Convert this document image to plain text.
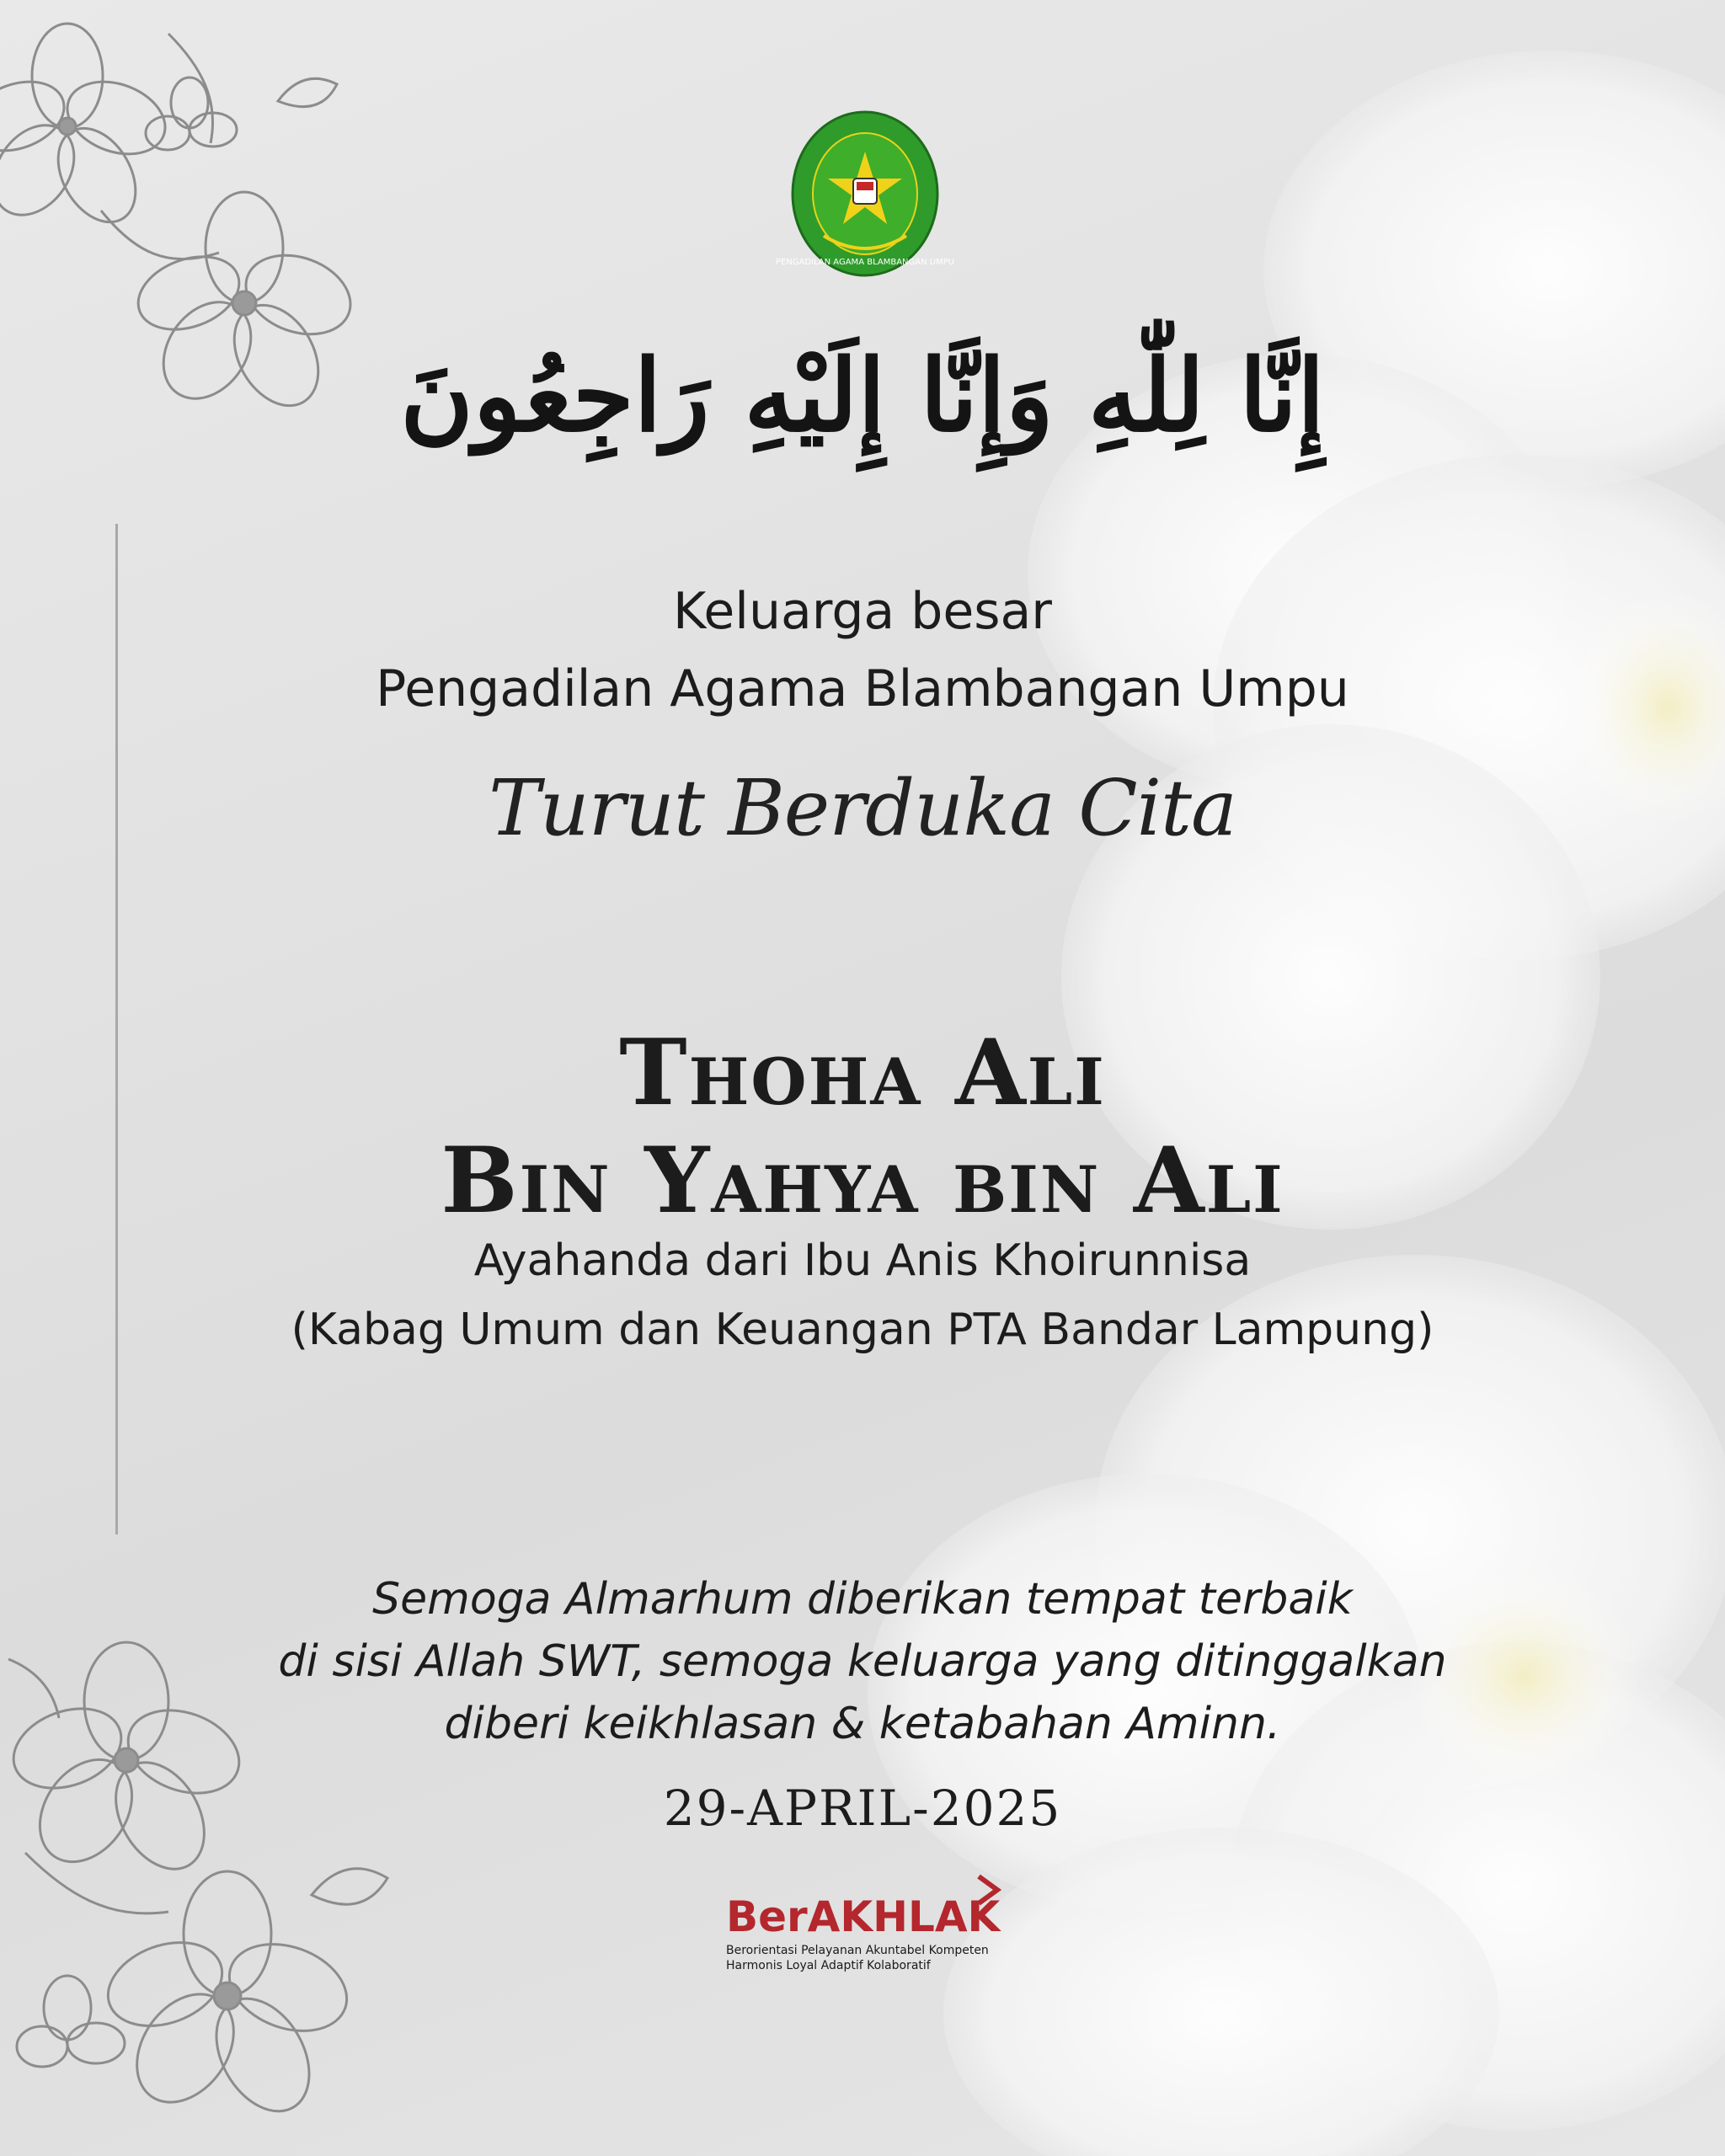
PENGADILAN AGAMA BLAMBANGAN UMPU
إِنَّا لِلّٰهِ وَإِنَّا إِلَيْهِ رَاجِعُونَ
Keluarga besar
Pengadilan Agama Blambangan Umpu
Turut Berduka Cita
Thoha Ali
Bin Yahya bin Ali
Ayahanda dari Ibu Anis Khoirunnisa
(Kabag Umum dan Keuangan PTA Bandar Lampung)
Semoga Almarhum diberikan tempat terbaik
di sisi Allah SWT, semoga keluarga yang ditinggalkan
diberi keikhlasan & ketabahan Aminn.
29-APRIL-2025
BerAKHLAK
Berorientasi Pelayanan Akuntabel Kompeten
Harmonis Loyal Adaptif Kolaboratif
